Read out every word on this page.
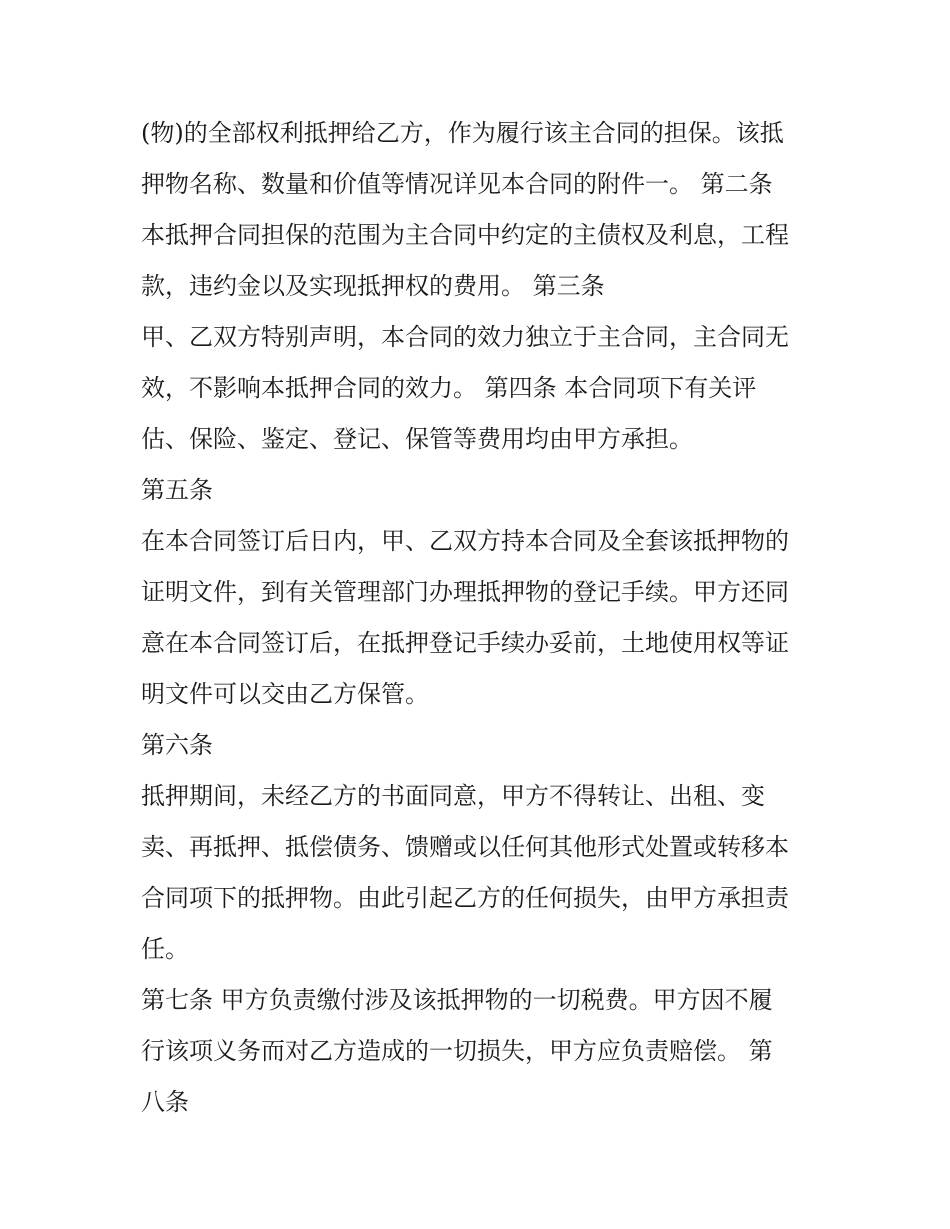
(物)的全部权利抵押给乙方，作为履行该主合同的担保。该抵
押物名称、数量和价值等情况详见本合同的附件一。 第二条
本抵押合同担保的范围为主合同中约定的主债权及利息，工程
款，违约金以及实现抵押权的费用。 第三条
甲、乙双方特别声明，本合同的效力独立于主合同，主合同无
效，不影响本抵押合同的效力。 第四条 本合同项下有关评
估、保险、鉴定、登记、保管等费用均由甲方承担。
第五条
在本合同签订后日内，甲、乙双方持本合同及全套该抵押物的
证明文件，到有关管理部门办理抵押物的登记手续。甲方还同
意在本合同签订后，在抵押登记手续办妥前，土地使用权等证
明文件可以交由乙方保管。
第六条
抵押期间，未经乙方的书面同意，甲方不得转让、出租、变
卖、再抵押、抵偿债务、馈赠或以任何其他形式处置或转移本
合同项下的抵押物。由此引起乙方的任何损失，由甲方承担责
任。
第七条 甲方负责缴付涉及该抵押物的一切税费。甲方因不履
行该项义务而对乙方造成的一切损失，甲方应负责赔偿。 第
八条
